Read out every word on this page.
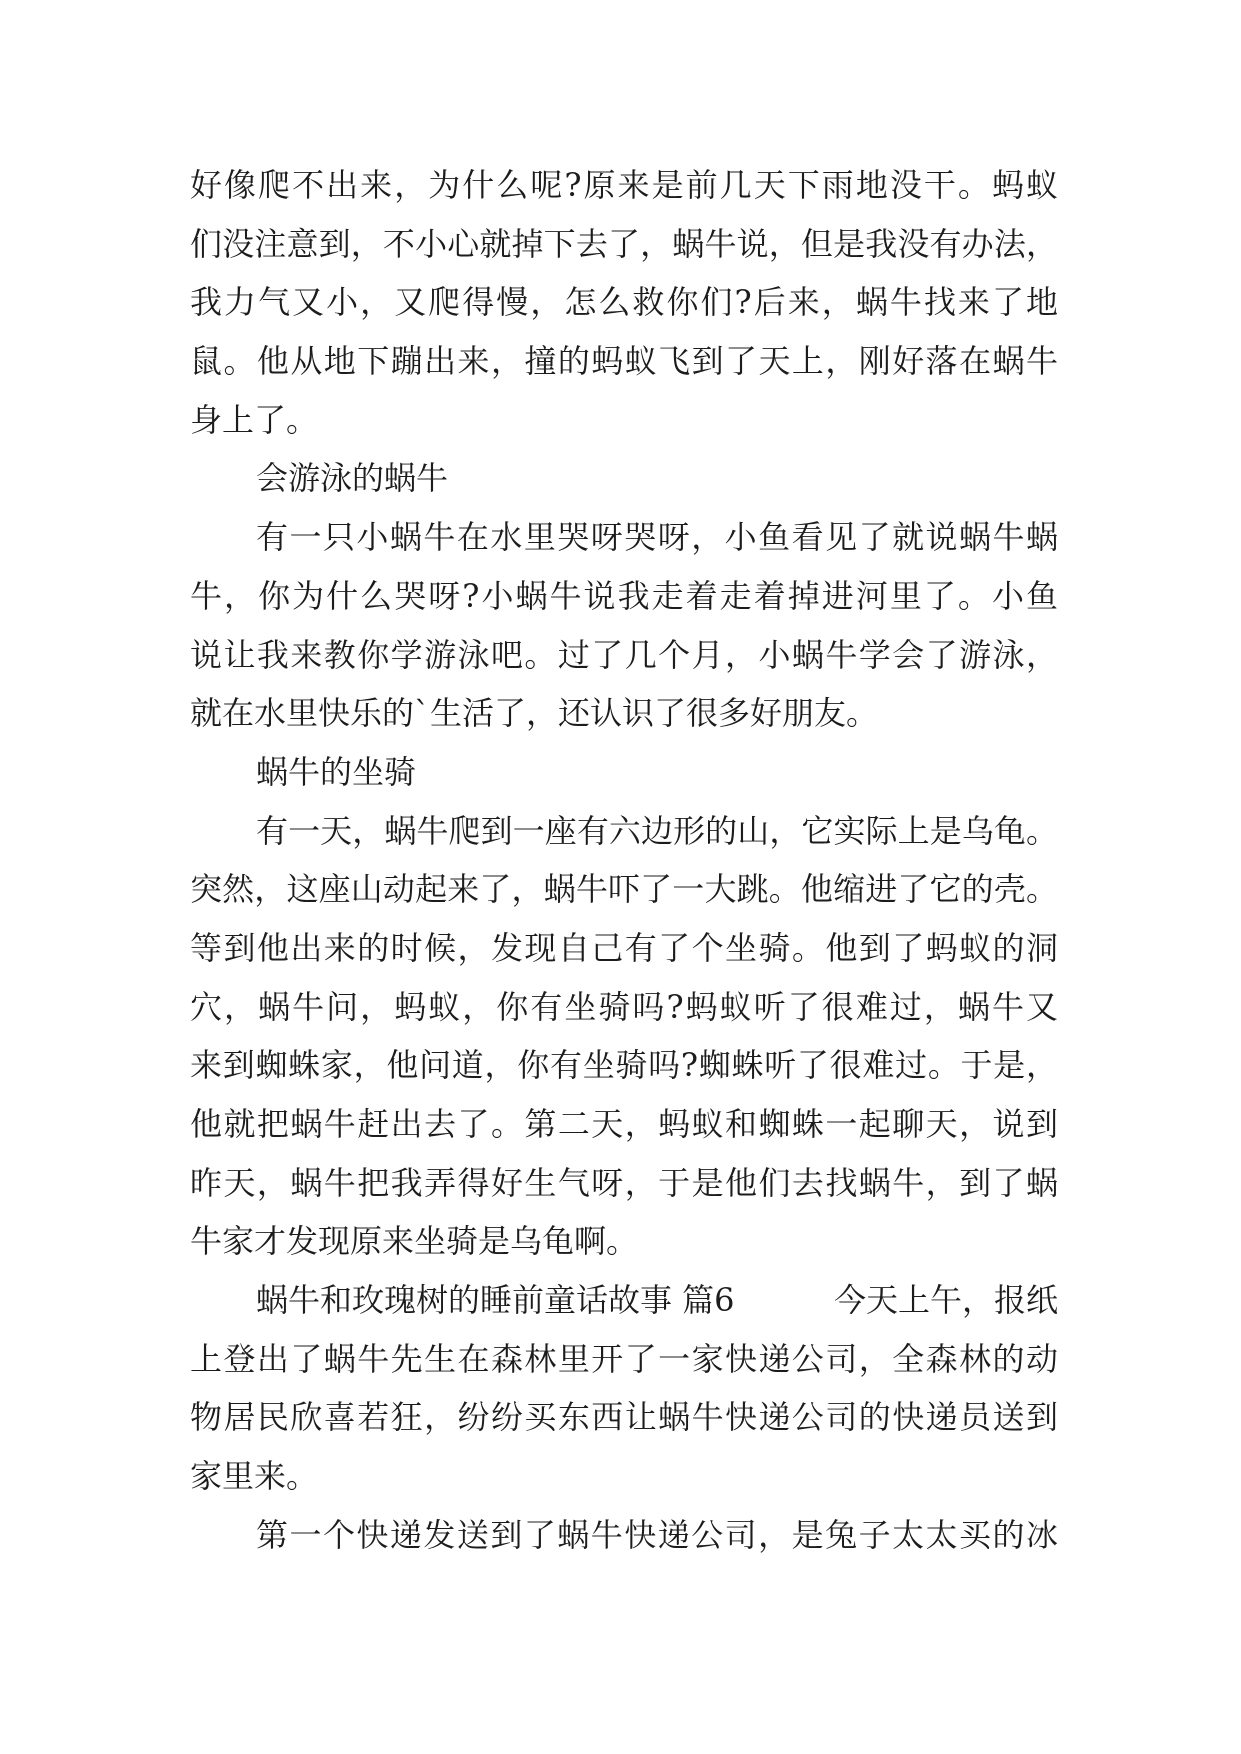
好像爬不出来，为什么呢?原来是前几天下雨地没干。蚂蚁
们没注意到，不小心就掉下去了，蜗牛说，但是我没有办法，
我力气又小，又爬得慢，怎么救你们?后来，蜗牛找来了地
鼠。他从地下蹦出来，撞的蚂蚁飞到了天上，刚好落在蜗牛
身上了。
会游泳的蜗牛
有一只小蜗牛在水里哭呀哭呀，小鱼看见了就说蜗牛蜗
牛，你为什么哭呀?小蜗牛说我走着走着掉进河里了。小鱼
说让我来教你学游泳吧。过了几个月，小蜗牛学会了游泳，
就在水里快乐的`生活了，还认识了很多好朋友。
蜗牛的坐骑
有一天，蜗牛爬到一座有六边形的山，它实际上是乌龟。
突然，这座山动起来了，蜗牛吓了一大跳。他缩进了它的壳。
等到他出来的时候，发现自己有了个坐骑。他到了蚂蚁的洞
穴，蜗牛问，蚂蚁，你有坐骑吗?蚂蚁听了很难过，蜗牛又
来到蜘蛛家，他问道，你有坐骑吗?蜘蛛听了很难过。于是，
他就把蜗牛赶出去了。第二天，蚂蚁和蜘蛛一起聊天，说到
昨天，蜗牛把我弄得好生气呀，于是他们去找蜗牛，到了蜗
牛家才发现原来坐骑是乌龟啊。
蜗牛和玫瑰树的睡前童话故事 篇6	今天上午，报纸
上登出了蜗牛先生在森林里开了一家快递公司，全森林的动
物居民欣喜若狂，纷纷买东西让蜗牛快递公司的快递员送到
家里来。
第一个快递发送到了蜗牛快递公司，是兔子太太买的冰
